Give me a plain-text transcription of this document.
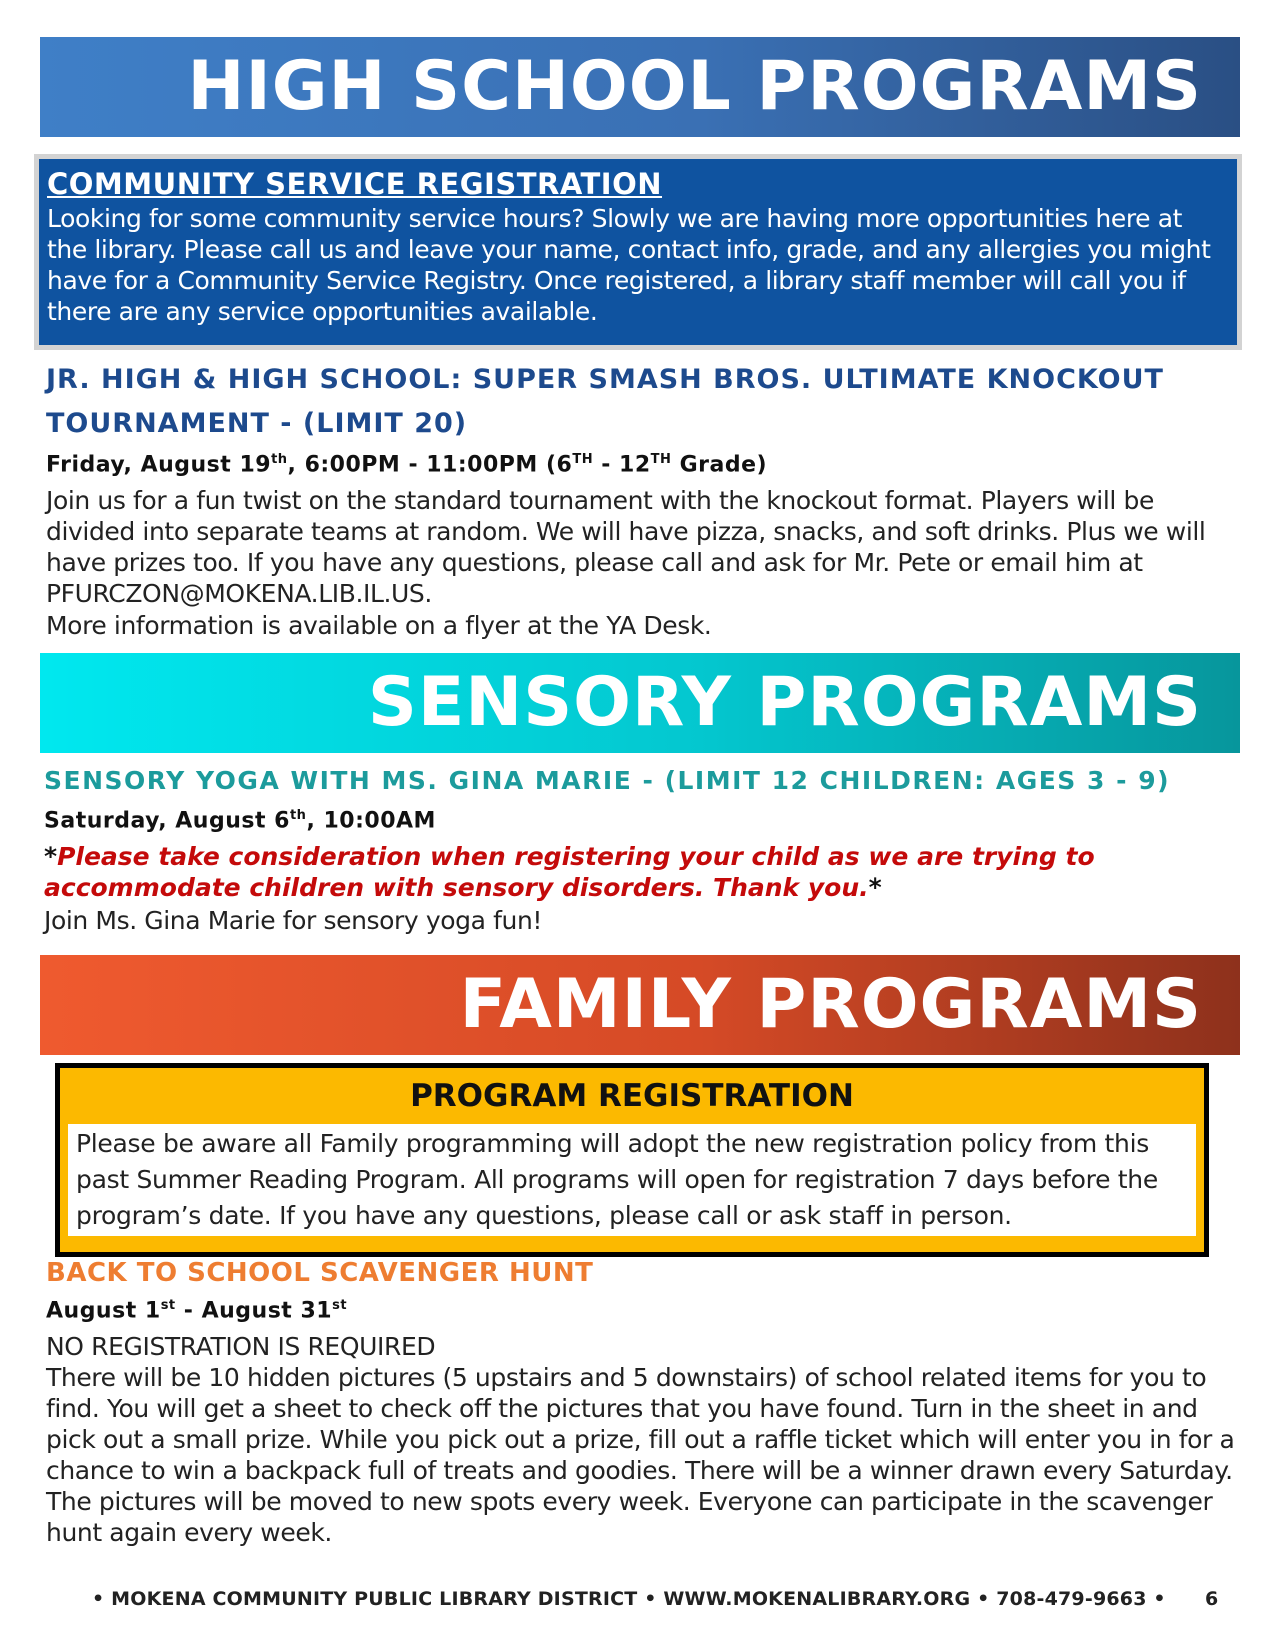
HIGH SCHOOL PROGRAMS
COMMUNITY SERVICE REGISTRATION

Looking for some community service hours? Slowly we are having more opportunities here at the library. Please call us and leave your name, contact info, grade, and any allergies you might have for a Community Service Registry. Once registered, a library staff member will call you if there are any service opportunities available.

JR. HIGH & HIGH SCHOOL: SUPER SMASH BROS. ULTIMATE KNOCKOUT
TOURNAMENT - (LIMIT 20)

Friday, August 19th, 6:00PM - 11:00PM (6TH - 12TH Grade)

Join us for a fun twist on the standard tournament with the knockout format. Players will be divided into separate teams at random. We will have pizza, snacks, and soft drinks. Plus we will have prizes too. If you have any questions, please call and ask for Mr. Pete or email him at PFURCZON@MOKENA.LIB.IL.US.

More information is available on a flyer at the YA Desk.

SENSORY PROGRAMS
SENSORY YOGA WITH MS. GINA MARIE - (LIMIT 12 CHILDREN: AGES 3 - 9)

Saturday, August 6th, 10:00AM

*Please take consideration when registering your child as we are trying to accommodate children with sensory disorders. Thank you.*

Join Ms. Gina Marie for sensory yoga fun!

FAMILY PROGRAMS
PROGRAM REGISTRATION

Please be aware all Family programming will adopt the new registration policy from this past Summer Reading Program. All programs will open for registration 7 days before the program’s date. If you have any questions, please call or ask staff in person.

BACK TO SCHOOL SCAVENGER HUNT

August 1st - August 31st

NO REGISTRATION IS REQUIRED

There will be 10 hidden pictures (5 upstairs and 5 downstairs) of school related items for you to find. You will get a sheet to check off the pictures that you have found. Turn in the sheet in and pick out a small prize. While you pick out a prize, fill out a raffle ticket which will enter you in for a chance to win a backpack full of treats and goodies. There will be a winner drawn every Saturday. The pictures will be moved to new spots every week. Everyone can participate in the scavenger hunt again every week.

• MOKENA COMMUNITY PUBLIC LIBRARY DISTRICT • WWW.MOKENALIBRARY.ORG • 708-479-9663 • 6
